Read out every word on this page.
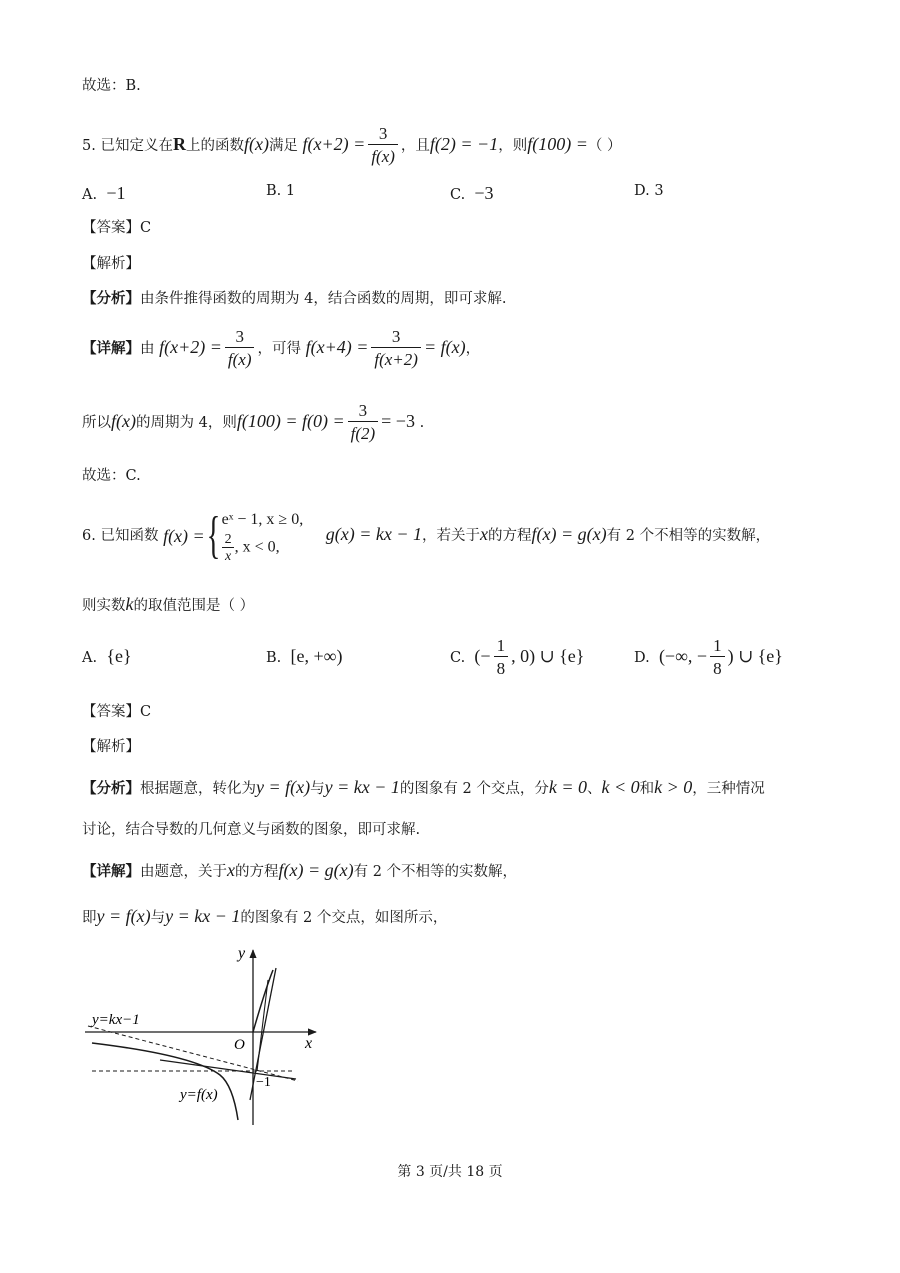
故选：B.
5. 已知定义在R上的函数f(x)满足 $f(x+2) = \frac{3}{f(x)}$ ，且f(2) = −1，则f(100) =（ ）
A. −1	B. 1	C. −3	D. 3
【答案】C
【解析】
【分析】由条件推得函数的周期为 4，结合函数的周期，即可求解.
【详解】由 $f(x+2) = \frac{3}{f(x)}$ ，可得 $f(x+4) = \frac{3}{f(x+2)} = f(x)$，
所以f(x)的周期为 4，则$f(100) = f(0) = \frac{3}{f(2)} = -3$ .
故选：C.
6. 已知函数 f(x) = { eˣ − 1, x ≥ 0,
$\frac{2}{x}$ , x < 0,
g(x) = kx − 1，若关于x的方程f(x) = g(x)有 2 个不相等的实数解，
则实数k的取值范围是（ ）
A. {e}	B. [e, +∞)	C. (− $\frac{1}{8}$ , 0) ∪ {e}	D. (−∞, − $\frac{1}{8}$ ) ∪ {e}
【答案】C
【解析】
【分析】根据题意，转化为y = f(x)与y = kx − 1的图象有 2 个交点，分k = 0、k < 0和k > 0，三种情况
讨论，结合导数的几何意义与函数的图象，即可求解.
【详解】由题意，关于x的方程f(x) = g(x)有 2 个不相等的实数解，
即y = f(x)与y = kx − 1的图象有 2 个交点，如图所示，
y
x
O
y=kx−1
y=f(x)
−1
第 3 页/共 18 页
